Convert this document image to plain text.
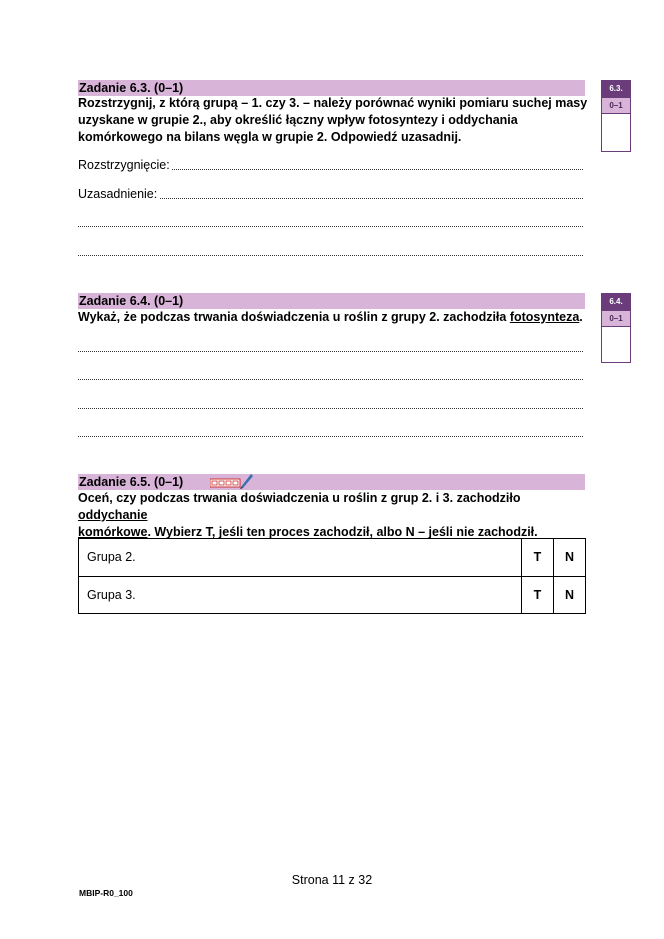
Zadanie 6.3. (0–1)
Rozstrzygnij, z którą grupą – 1. czy 3. – należy porównać wyniki pomiaru suchej masy
uzyskane w grupie 2., aby określić łączny wpływ fotosyntezy i oddychania
komórkowego na bilans węgla w grupie 2. Odpowiedź uzasadnij.
Rozstrzygnięcie:
Uzasadnienie:
6.3.
0–1
Zadanie 6.4. (0–1)
Wykaż, że podczas trwania doświadczenia u roślin z grupy 2. zachodziła fotosynteza.
6.4.
0–1
Zadanie 6.5. (0–1)
Oceń, czy podczas trwania doświadczenia u roślin z grup 2. i 3. zachodziło oddychanie
komórkowe. Wybierz T, jeśli ten proces zachodził, albo N – jeśli nie zachodził.
Grupa 2.	T	N
Grupa 3.	T	N
Strona 11 z 32
MBIP-R0_100
